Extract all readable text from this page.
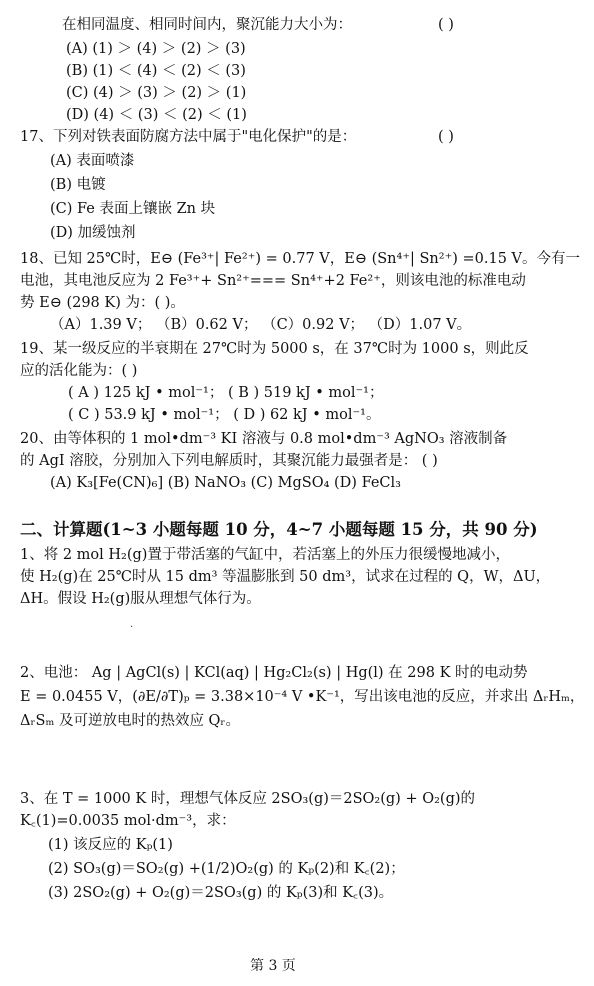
在相同温度、相同时间内，聚沉能力大小为：	( )
(A) (1) ＞ (4) ＞ (2) ＞ (3)
(B) (1) ＜ (4) ＜ (2) ＜ (3)
(C) (4) ＞ (3) ＞ (2) ＞ (1)
(D) (4) ＜ (3) ＜ (2) ＜ (1)
17、下列对铁表面防腐方法中属于"电化保护"的是：	( )
(A) 表面喷漆
(B) 电镀
(C) Fe 表面上镶嵌 Zn 块
(D) 加缓蚀剂
18、已知 25℃时，E⊖ (Fe³⁺| Fe²⁺) = 0.77 V，E⊖ (Sn⁴⁺| Sn²⁺) =0.15 V。今有一
电池，其电池反应为 2 Fe³⁺+ Sn²⁺=== Sn⁴⁺+2 Fe²⁺，则该电池的标准电动
势 E⊖ (298 K) 为：( )。
（A）1.39 V； （B）0.62 V； （C）0.92 V； （D）1.07 V。
19、某一级反应的半衰期在 27℃时为 5000 s，在 37℃时为 1000 s，则此反
应的活化能为：( )
( A ) 125 kJ • mol⁻¹； ( B ) 519 kJ • mol⁻¹；
( C ) 53.9 kJ • mol⁻¹； ( D ) 62 kJ • mol⁻¹。
20、由等体积的 1 mol•dm⁻³ KI 溶液与 0.8 mol•dm⁻³ AgNO₃ 溶液制备
的 AgI 溶胶，分别加入下列电解质时，其聚沉能力最强者是： ( )
(A) K₃[Fe(CN)₆] (B) NaNO₃ (C) MgSO₄ (D) FeCl₃
二、计算题(1~3 小题每题 10 分，4~7 小题每题 15 分，共 90 分)
1、将 2 mol H₂(g)置于带活塞的气缸中，若活塞上的外压力很缓慢地减小，
使 H₂(g)在 25℃时从 15 dm³ 等温膨胀到 50 dm³，试求在过程的 Q，W，ΔU，
ΔH。假设 H₂(g)服从理想气体行为。
·
2、电池： Ag | AgCl(s) | KCl(aq) | Hg₂Cl₂(s) | Hg(l) 在 298 K 时的电动势
E = 0.0455 V，(∂E/∂T)ₚ = 3.38×10⁻⁴ V •K⁻¹，写出该电池的反应，并求出 ΔᵣHₘ，
ΔᵣSₘ 及可逆放电时的热效应 Qᵣ。
3、在 T = 1000 K 时，理想气体反应 2SO₃(g)＝2SO₂(g) + O₂(g)的
K꜀(1)=0.0035 mol·dm⁻³，求：
(1) 该反应的 Kₚ(1)
(2) SO₃(g)＝SO₂(g) +(1/2)O₂(g) 的 Kₚ(2)和 K꜀(2)；
(3) 2SO₂(g) + O₂(g)＝2SO₃(g) 的 Kₚ(3)和 K꜀(3)。
第 3 页
